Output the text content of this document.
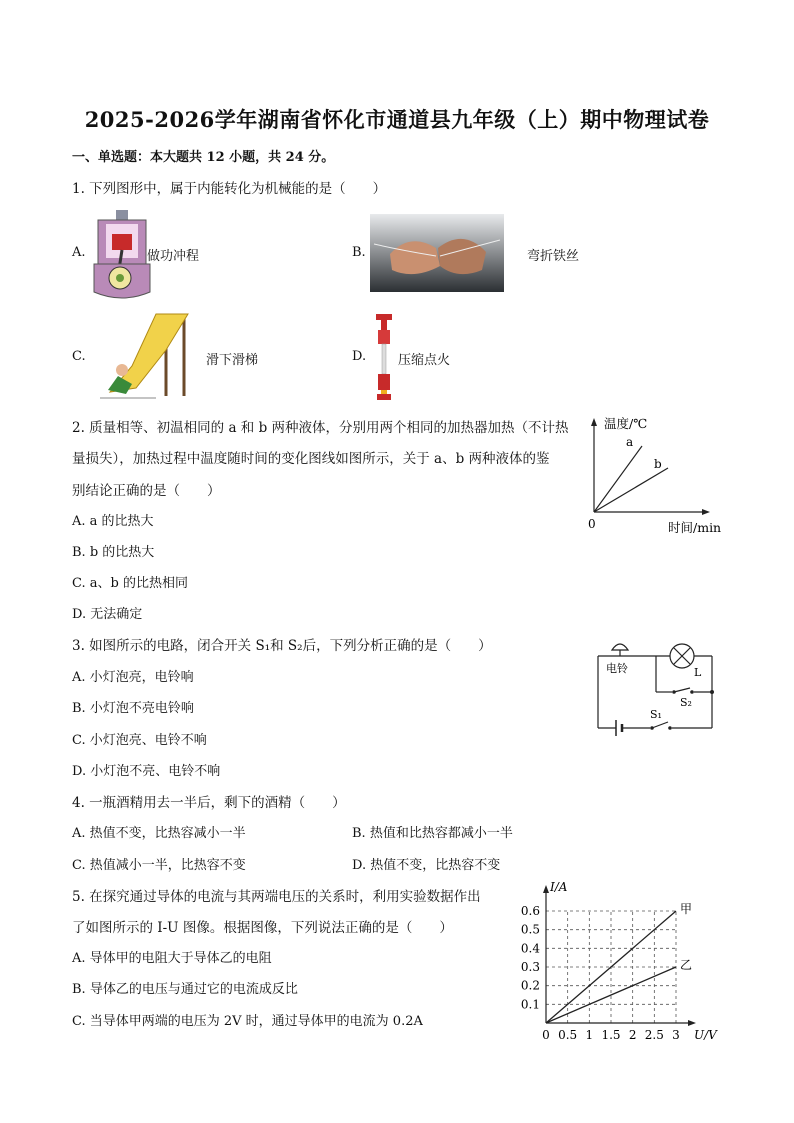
2025-2026学年湖南省怀化市通道县九年级（上）期中物理试卷
一、单选题：本大题共 12 小题，共 24 分。
1. 下列图形中，属于内能转化为机械能的是（　　）
A.	做功冲程	B.	弯折铁丝
C.	滑下滑梯	D. 压缩点火
2. 质量相等、初温相同的 a 和 b 两种液体，分别用两个相同的加热器加热（不计热
量损失），加热过程中温度随时间的变化图线如图所示，关于 a、b 两种液体的鉴
别结论正确的是（　　）
A. a 的比热大
B. b 的比热大
C. a、b 的比热相同
D. 无法确定
温度/℃
a
b
0	时间/min
3. 如图所示的电路，闭合开关 S₁和 S₂后，下列分析正确的是（　　）
A. 小灯泡亮，电铃响
B. 小灯泡不亮电铃响
C. 小灯泡亮、电铃不响
D. 小灯泡不亮、电铃不响
电铃	L
S₂
S₁
4. 一瓶酒精用去一半后，剩下的酒精（　　）
A. 热值不变，比热容减小一半	B. 热值和比热容都减小一半
C. 热值减小一半，比热容不变	D. 热值不变，比热容不变
5. 在探究通过导体的电流与其两端电压的关系时，利用实验数据作出
了如图所示的 I-U 图像。根据图像，下列说法正确的是（　　）
A. 导体甲的电阻大于导体乙的电阻
B. 导体乙的电压与通过它的电流成反比
C. 当导体甲两端的电压为 2V 时，通过导体甲的电流为 0.2A
0 0.5 1 1.5 2 2.5 3
0.1
0.2
0.3
0.4
0.5
0.6
I/A
U/V
甲
乙
